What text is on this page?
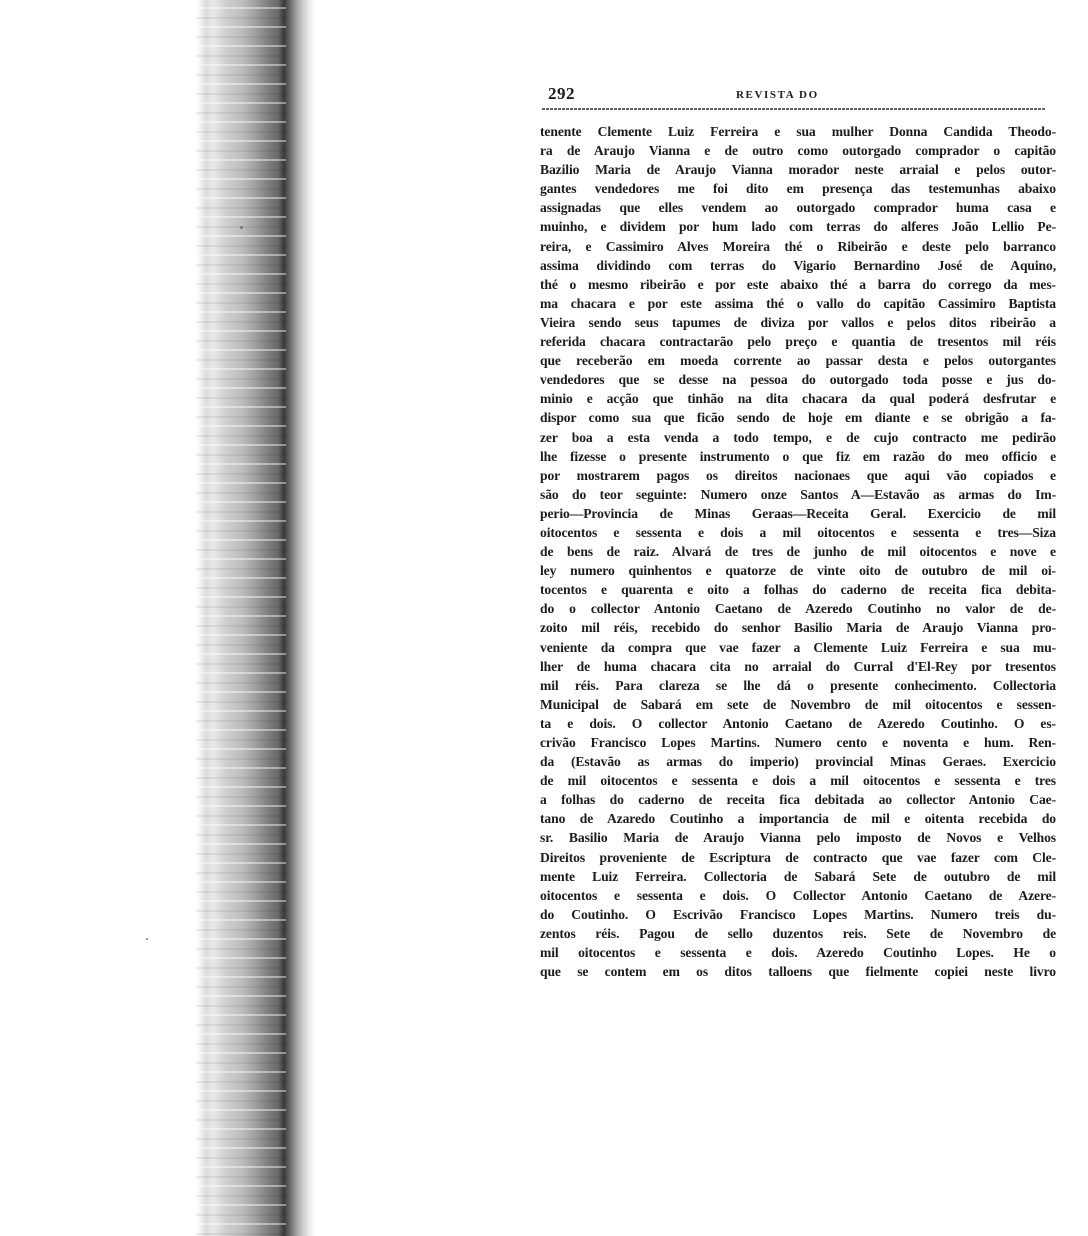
292	REVISTA DO
tenente Clemente Luiz Ferreira e sua mulher Donna Candida Theodo-
ra de Araujo Vianna e de outro como outorgado comprador o capitão
Bazilio Maria de Araujo Vianna morador neste arraial e pelos outor-
gantes vendedores me foi dito em presença das testemunhas abaixo
assignadas que elles vendem ao outorgado comprador huma casa e
muinho, e dividem por hum lado com terras do alferes João Lellio Pe-
reira, e Cassimiro Alves Moreira thé o Ribeirão e deste pelo barranco
assima dividindo com terras do Vigario Bernardino José de Aquino,
thé o mesmo ribeirão e por este abaixo thé a barra do corrego da mes-
ma chacara e por este assima thé o vallo do capitão Cassimiro Baptista
Vieira sendo seus tapumes de diviza por vallos e pelos ditos ribeirão a
referida chacara contractarão pelo preço e quantia de tresentos mil réis
que receberão em moeda corrente ao passar desta e pelos outorgantes
vendedores que se desse na pessoa do outorgado toda posse e jus do-
minio e acção que tinhão na dita chacara da qual poderá desfrutar e
dispor como sua que ficão sendo de hoje em diante e se obrigão a fa-
zer boa a esta venda a todo tempo, e de cujo contracto me pedirão
lhe fizesse o presente instrumento o que fiz em razão do meo officio e
por mostrarem pagos os direitos nacionaes que aqui vão copiados e
são do teor seguinte: Numero onze Santos A—Estavão as armas do Im-
perio—Provincia de Minas Geraas—Receita Geral. Exercicio de mil
oitocentos e sessenta e dois a mil oitocentos e sessenta e tres—Siza
de bens de raiz. Alvará de tres de junho de mil oitocentos e nove e
ley numero quinhentos e quatorze de vinte oito de outubro de mil oi-
tocentos e quarenta e oito a folhas do caderno de receita fica debita-
do o collector Antonio Caetano de Azeredo Coutinho no valor de de-
zoito mil réis, recebido do senhor Basilio Maria de Araujo Vianna pro-
veniente da compra que vae fazer a Clemente Luiz Ferreira e sua mu-
lher de huma chacara cita no arraial do Curral d'El-Rey por tresentos
mil réis. Para clareza se lhe dá o presente conhecimento. Collectoria
Municipal de Sabará em sete de Novembro de mil oitocentos e sessen-
ta e dois. O collector Antonio Caetano de Azeredo Coutinho. O es-
crivão Francisco Lopes Martins. Numero cento e noventa e hum. Ren-
da (Estavão as armas do imperio) provincial Minas Geraes. Exercicio
de mil oitocentos e sessenta e dois a mil oitocentos e sessenta e tres
a folhas do caderno de receita fica debitada ao collector Antonio Cae-
tano de Azaredo Coutinho a importancia de mil e oitenta recebida do
sr. Basilio Maria de Araujo Vianna pelo imposto de Novos e Velhos
Direitos proveniente de Escriptura de contracto que vae fazer com Cle-
mente Luiz Ferreira. Collectoria de Sabará Sete de outubro de mil
oitocentos e sessenta e dois. O Collector Antonio Caetano de Azere-
do Coutinho. O Escrivão Francisco Lopes Martins. Numero treis du-
zentos réis. Pagou de sello duzentos reis. Sete de Novembro de
mil oitocentos e sessenta e dois. Azeredo Coutinho Lopes. He o
que se contem em os ditos talloens que fielmente copiei neste livro
